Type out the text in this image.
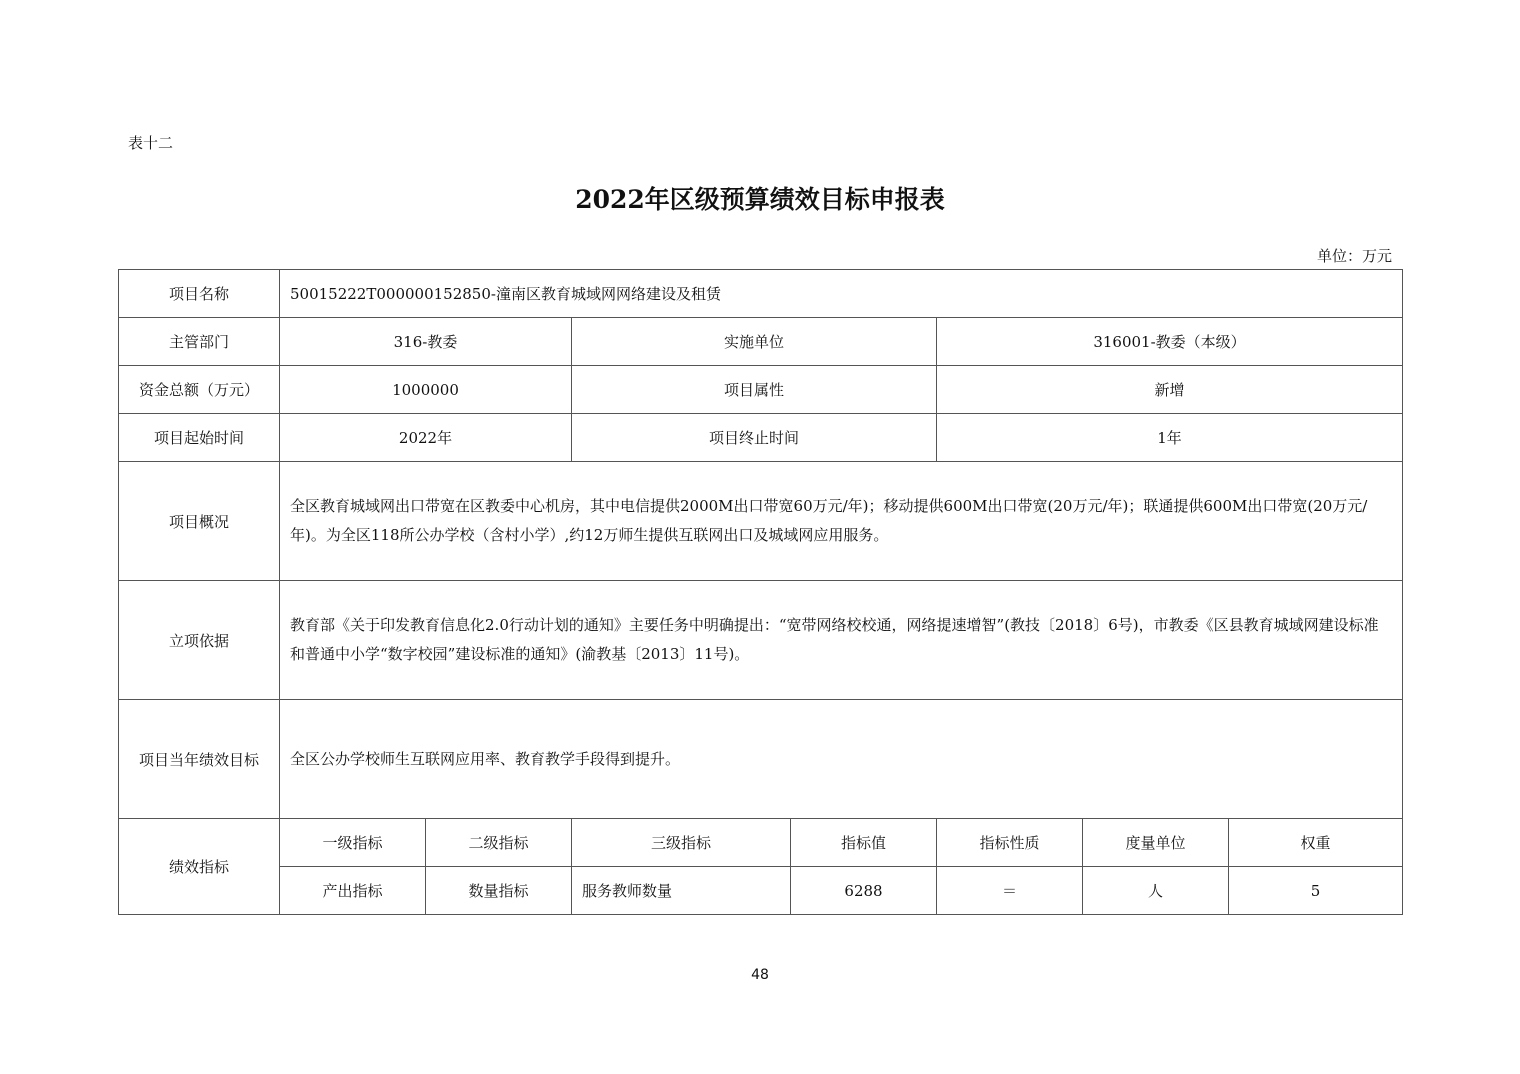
表十二
2022年区级预算绩效目标申报表
单位：万元
项目名称	50015222T000000152850-潼南区教育城域网网络建设及租赁						
主管部门	316-教委		实施单位		316001-教委（本级）		
资金总额（万元）	1000000		项目属性		新增		
项目起始时间	2022年		项目终止时间		1年		
项目概况	全区教育城域网出口带宽在区教委中心机房，其中电信提供2000M出口带宽60万元/年)；移动提供600M出口带宽(20万元/年)；联通提供600M出口带宽(20万元/年)。为全区118所公办学校（含村小学）,约12万师生提供互联网出口及城域网应用服务。						
立项依据	教育部《关于印发教育信息化2.0行动计划的通知》主要任务中明确提出：“宽带网络校校通，网络提速增智”(教技〔2018〕6号)，市教委《区县教育城域网建设标准和普通中小学“数字校园”建设标准的通知》(渝教基〔2013〕11号)。						
项目当年绩效目标	全区公办学校师生互联网应用率、教育教学手段得到提升。						
绩效指标	一级指标	二级指标	三级指标	指标值	指标性质	度量单位	权重
	产出指标	数量指标	服务教师数量	6288	＝	人	5
48
